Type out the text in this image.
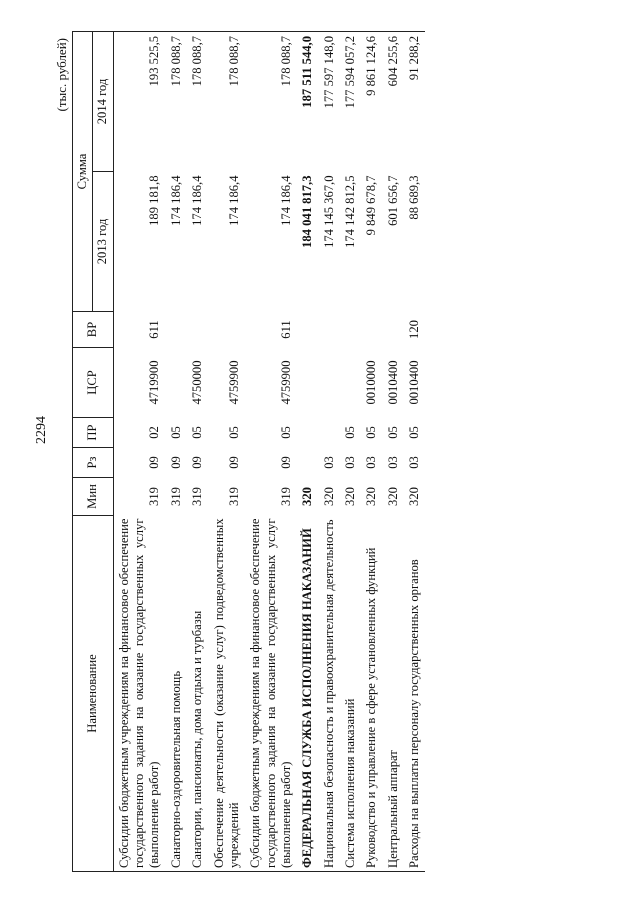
2294
(тыс. рублей)
Наименование	Мин	Рз	ПР	ЦСР	ВР	Сумма	
						2013 год	2014 год
Субсидии бюджетным учреждениям на финансовое обеспечение государственного задания на оказание государственных услуг (выполнение работ)	319	09	02	4719900	611	189 181,8	193 525,5
Санаторно-оздоровительная помощь	319	09	05			174 186,4	178 088,7
Санатории, пансионаты, дома отдыха и турбазы	319	09	05	4750000		174 186,4	178 088,7
Обеспечение деятельности (оказание услуг) подведомственных учреждений	319	09	05	4759900		174 186,4	178 088,7
Субсидии бюджетным учреждениям на финансовое обеспечение государственного задания на оказание государственных услуг (выполнение работ)	319	09	05	4759900	611	174 186,4	178 088,7
ФЕДЕРАЛЬНАЯ СЛУЖБА ИСПОЛНЕНИЯ НАКАЗАНИЙ	320					184 041 817,3	187 511 544,0
Национальная безопасность и правоохранительная деятельность	320	03				174 145 367,0	177 597 148,0
Система исполнения наказаний	320	03	05			174 142 812,5	177 594 057,2
Руководство и управление в сфере установленных функций	320	03	05	0010000		9 849 678,7	9 861 124,6
Центральный аппарат	320	03	05	0010400		601 656,7	604 255,6
Расходы на выплаты персоналу государственных органов	320	03	05	0010400	120	88 689,3	91 288,2
